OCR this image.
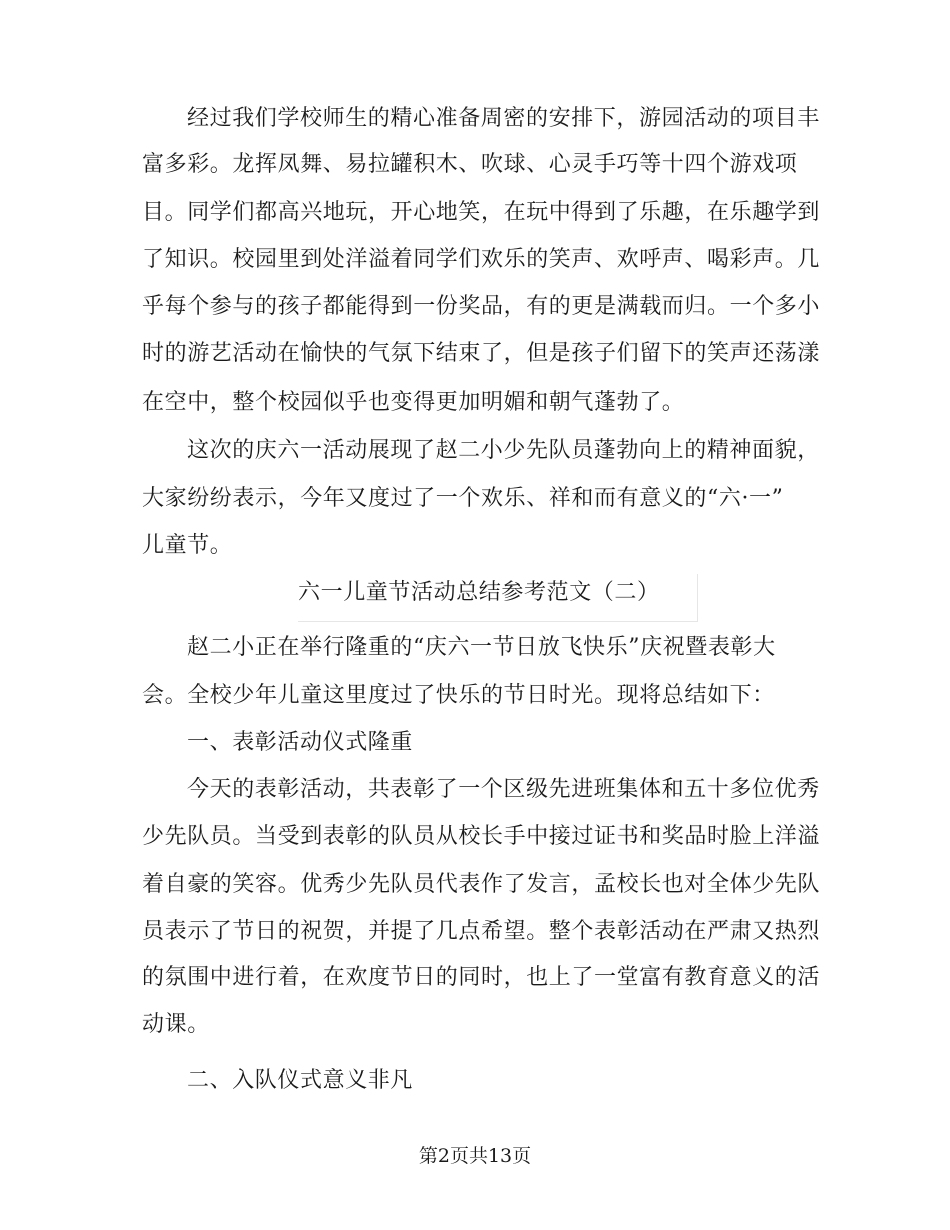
经过我们学校师生的精心准备周密的安排下，游园活动的项目丰
富多彩。龙挥凤舞、易拉罐积木、吹球、心灵手巧等十四个游戏项
目。同学们都高兴地玩，开心地笑，在玩中得到了乐趣，在乐趣学到
了知识。校园里到处洋溢着同学们欢乐的笑声、欢呼声、喝彩声。几
乎每个参与的孩子都能得到一份奖品，有的更是满载而归。一个多小
时的游艺活动在愉快的气氛下结束了，但是孩子们留下的笑声还荡漾
在空中，整个校园似乎也变得更加明媚和朝气蓬勃了。
这次的庆六一活动展现了赵二小少先队员蓬勃向上的精神面貌，
大家纷纷表示，今年又度过了一个欢乐、祥和而有意义的“六·一”
儿童节。
六一儿童节活动总结参考范文（二）
赵二小正在举行隆重的“庆六一节日放飞快乐”庆祝暨表彰大
会。全校少年儿童这里度过了快乐的节日时光。现将总结如下：
一、表彰活动仪式隆重
今天的表彰活动，共表彰了一个区级先进班集体和五十多位优秀
少先队员。当受到表彰的队员从校长手中接过证书和奖品时脸上洋溢
着自豪的笑容。优秀少先队员代表作了发言，孟校长也对全体少先队
员表示了节日的祝贺，并提了几点希望。整个表彰活动在严肃又热烈
的氛围中进行着，在欢度节日的同时，也上了一堂富有教育意义的活
动课。
二、入队仪式意义非凡
第2页共13页
